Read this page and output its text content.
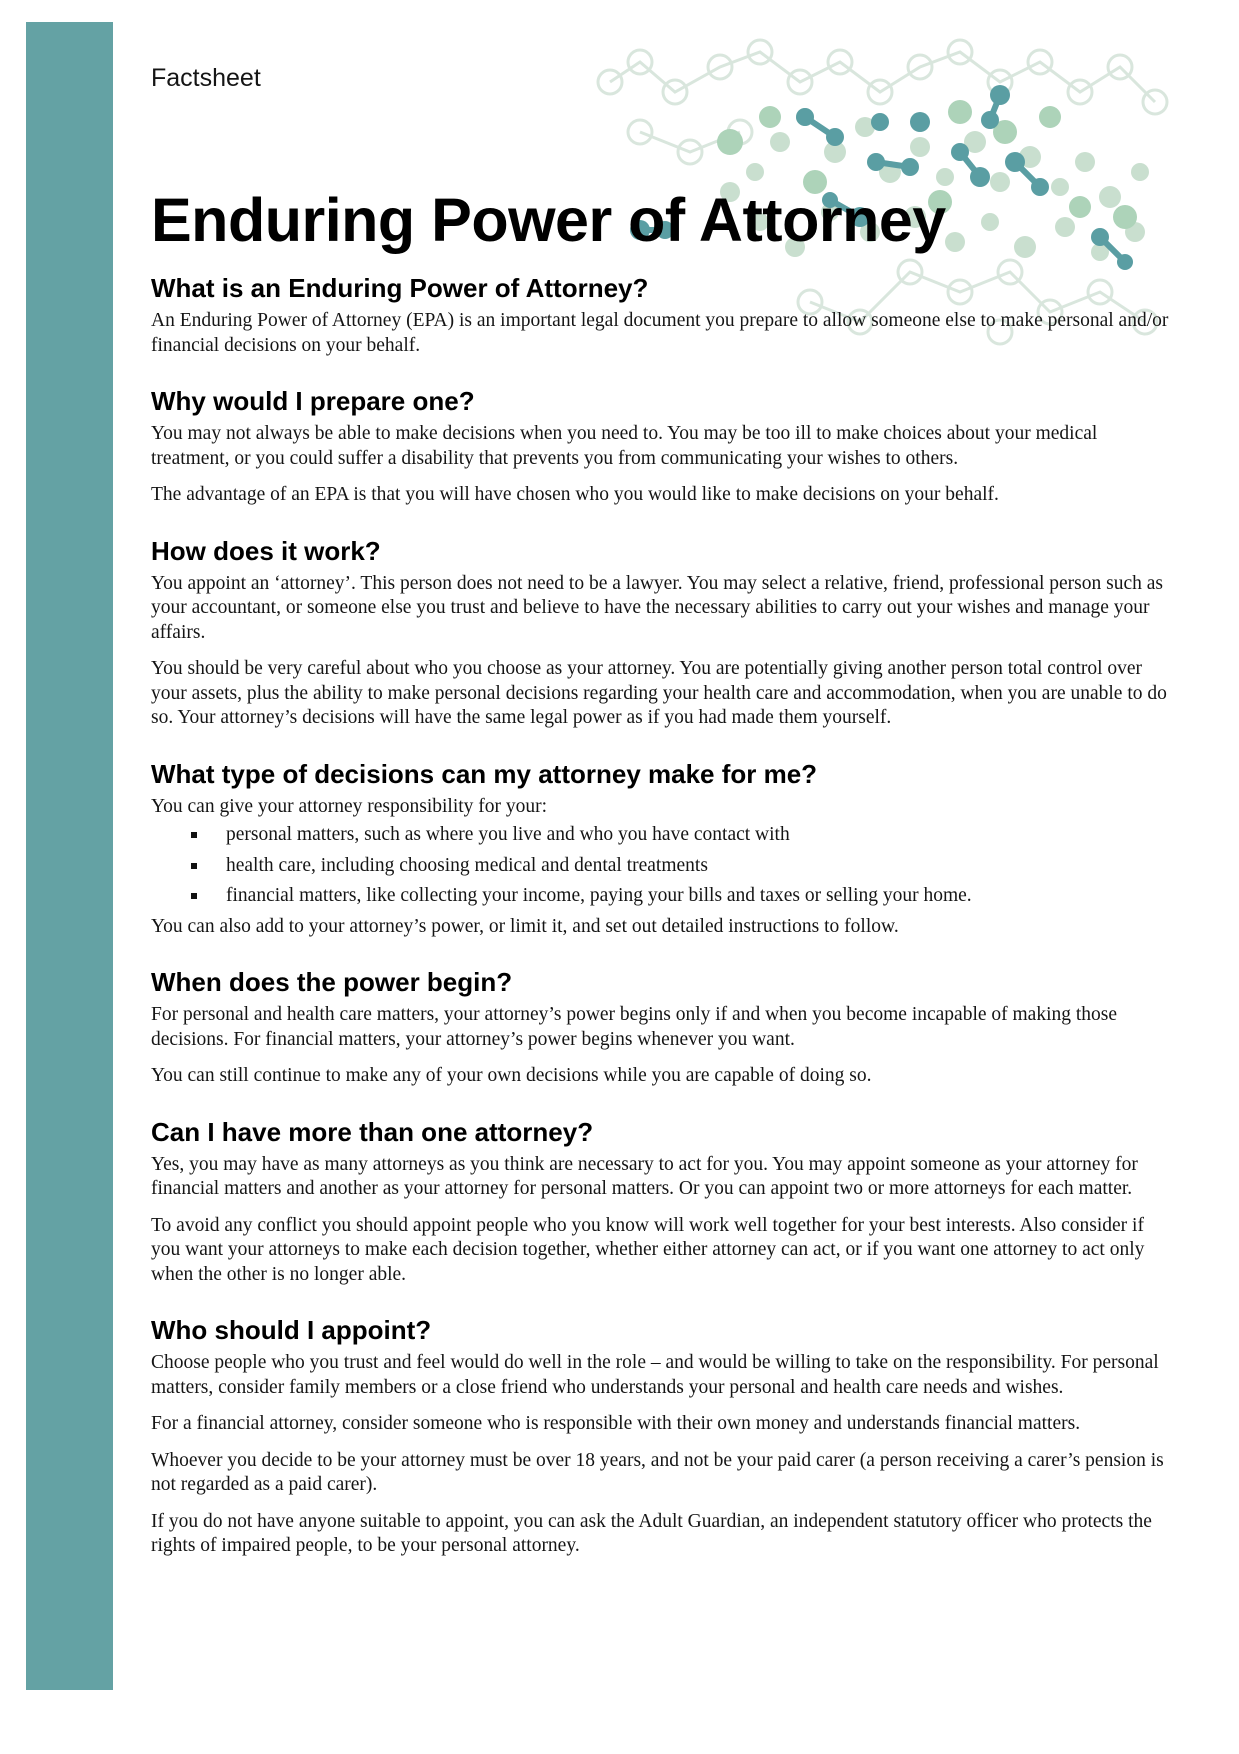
Factsheet

Enduring Power of Attorney
What is an Enduring Power of Attorney?

An Enduring Power of Attorney (EPA) is an important legal document you prepare to allow someone else to make personal and/or financial decisions on your behalf.

Why would I prepare one?

You may not always be able to make decisions when you need to. You may be too ill to make choices about your medical treatment, or you could suffer a disability that prevents you from communicating your wishes to others.

The advantage of an EPA is that you will have chosen who you would like to make decisions on your behalf.

How does it work?

You appoint an ‘attorney’. This person does not need to be a lawyer. You may select a relative, friend, professional person such as your accountant, or someone else you trust and believe to have the necessary abilities to carry out your wishes and manage your affairs.

You should be very careful about who you choose as your attorney. You are potentially giving another person total control over your assets, plus the ability to make personal decisions regarding your health care and accommodation, when you are unable to do so. Your attorney’s decisions will have the same legal power as if you had made them yourself.

What type of decisions can my attorney make for me?

You can give your attorney responsibility for your:

personal matters, such as where you live and who you have contact with
health care, including choosing medical and dental treatments
financial matters, like collecting your income, paying your bills and taxes or selling your home.

You can also add to your attorney’s power, or limit it, and set out detailed instructions to follow.

When does the power begin?

For personal and health care matters, your attorney’s power begins only if and when you become incapable of making those decisions. For financial matters, your attorney’s power begins whenever you want.

You can still continue to make any of your own decisions while you are capable of doing so.

Can I have more than one attorney?

Yes, you may have as many attorneys as you think are necessary to act for you. You may appoint someone as your attorney for financial matters and another as your attorney for personal matters. Or you can appoint two or more attorneys for each matter.

To avoid any conflict you should appoint people who you know will work well together for your best interests. Also consider if you want your attorneys to make each decision together, whether either attorney can act, or if you want one attorney to act only when the other is no longer able.

Who should I appoint?

Choose people who you trust and feel would do well in the role – and would be willing to take on the responsibility. For personal matters, consider family members or a close friend who understands your personal and health care needs and wishes.

For a financial attorney, consider someone who is responsible with their own money and understands financial matters.

Whoever you decide to be your attorney must be over 18 years, and not be your paid carer (a person receiving a carer’s pension is not regarded as a paid carer).

If you do not have anyone suitable to appoint, you can ask the Adult Guardian, an independent statutory officer who protects the rights of impaired people, to be your personal attorney.
